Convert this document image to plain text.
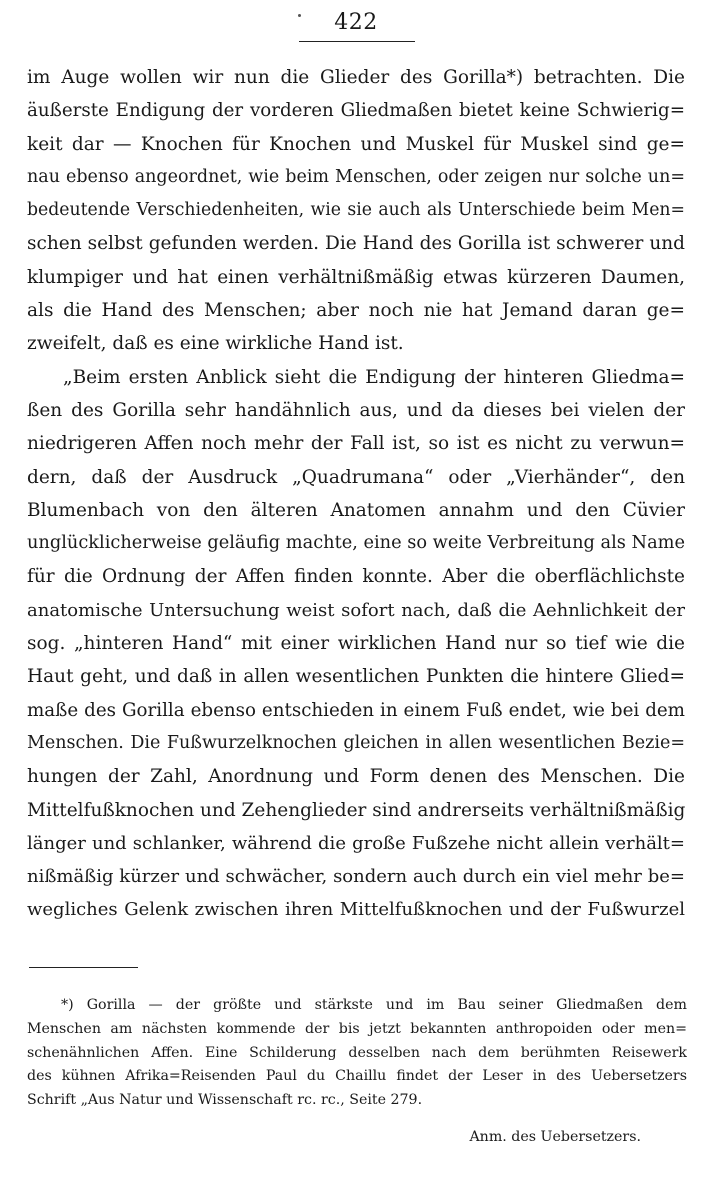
422
im Auge wollen wir nun die Glieder des Gorilla*) betrachten. Die
äußerste Endigung der vorderen Gliedmaßen bietet keine Schwierig=
keit dar — Knochen für Knochen und Muskel für Muskel sind ge=
nau ebenso angeordnet, wie beim Menschen, oder zeigen nur solche un=
bedeutende Verschiedenheiten, wie sie auch als Unterschiede beim Men=
schen selbst gefunden werden. Die Hand des Gorilla ist schwerer und
klumpiger und hat einen verhältnißmäßig etwas kürzeren Daumen,
als die Hand des Menschen; aber noch nie hat Jemand daran ge=
zweifelt, daß es eine wirkliche Hand ist.
„Beim ersten Anblick sieht die Endigung der hinteren Gliedma=
ßen des Gorilla sehr handähnlich aus, und da dieses bei vielen der
niedrigeren Affen noch mehr der Fall ist, so ist es nicht zu verwun=
dern, daß der Ausdruck „Quadrumana“ oder „Vierhänder“, den
Blumenbach von den älteren Anatomen annahm und den Cüvier
unglücklicherweise geläufig machte, eine so weite Verbreitung als Name
für die Ordnung der Affen finden konnte. Aber die oberflächlichste
anatomische Untersuchung weist sofort nach, daß die Aehnlichkeit der
sog. „hinteren Hand“ mit einer wirklichen Hand nur so tief wie die
Haut geht, und daß in allen wesentlichen Punkten die hintere Glied=
maße des Gorilla ebenso entschieden in einem Fuß endet, wie bei dem
Menschen. Die Fußwurzelknochen gleichen in allen wesentlichen Bezie=
hungen der Zahl, Anordnung und Form denen des Menschen. Die
Mittelfußknochen und Zehenglieder sind andrerseits verhältnißmäßig
länger und schlanker, während die große Fußzehe nicht allein verhält=
nißmäßig kürzer und schwächer, sondern auch durch ein viel mehr be=
wegliches Gelenk zwischen ihren Mittelfußknochen und der Fußwurzel
*) Gorilla — der größte und stärkste und im Bau seiner Gliedmaßen dem
Menschen am nächsten kommende der bis jetzt bekannten anthropoiden oder men=
schenähnlichen Affen. Eine Schilderung desselben nach dem berühmten Reisewerk
des kühnen Afrika=Reisenden Paul du Chaillu findet der Leser in des Uebersetzers
Schrift „Aus Natur und Wissenschaft rc. rc., Seite 279.
Anm. des Uebersetzers.
